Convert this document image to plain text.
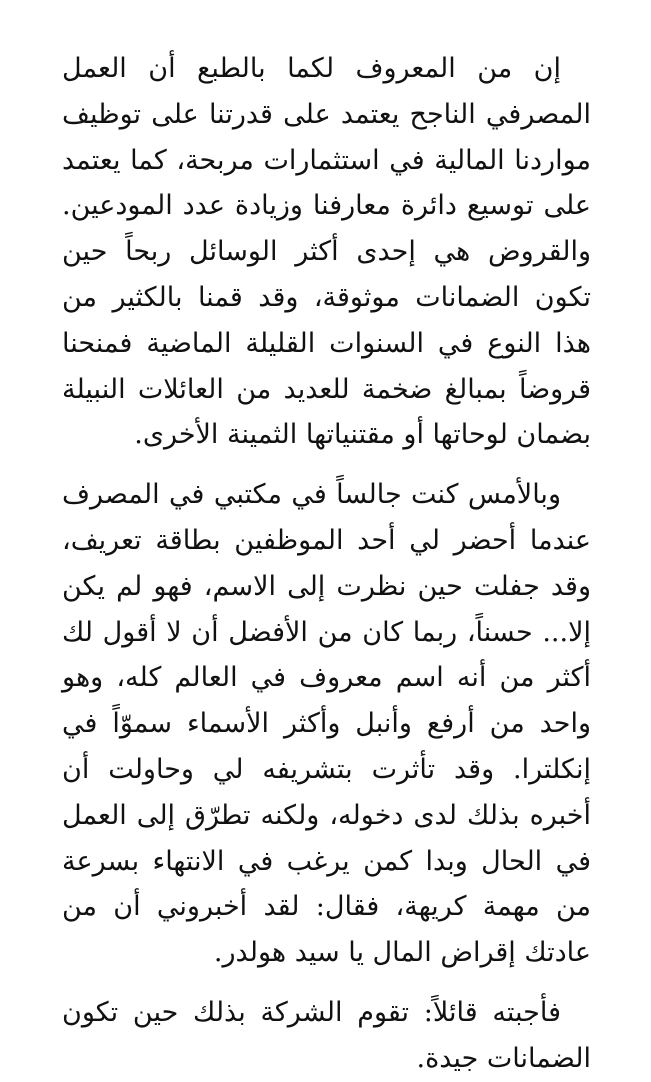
إن من المعروف لكما بالطبع أن العمل المصرفي الناجح يعتمد على قدرتنا على توظيف مواردنا المالية في استثمارات مربحة، كما يعتمد على توسيع دائرة معارفنا وزيادة عدد المودعين. والقروض هي إحدى أكثر الوسائل ربحاً حين تكون الضمانات موثوقة، وقد قمنا بالكثير من هذا النوع في السنوات القليلة الماضية فمنحنا قروضاً بمبالغ ضخمة للعديد من العائلات النبيلة بضمان لوحاتها أو مقتنياتها الثمينة الأخرى.

وبالأمس كنت جالساً في مكتبي في المصرف عندما أحضر لي أحد الموظفين بطاقة تعريف، وقد جفلت حين نظرت إلى الاسم، فهو لم يكن إلا... حسناً، ربما كان من الأفضل أن لا أقول لك أكثر من أنه اسم معروف في العالم كله، وهو واحد من أرفع وأنبل وأكثر الأسماء سموّاً في إنكلترا. وقد تأثرت بتشريفه لي وحاولت أن أخبره بذلك لدى دخوله، ولكنه تطرّق إلى العمل في الحال وبدا كمن يرغب في الانتهاء بسرعة من مهمة كريهة، فقال: لقد أخبروني أن من عادتك إقراض المال يا سيد هولدر.

فأجبته قائلاً: تقوم الشركة بذلك حين تكون الضمانات جيدة.
